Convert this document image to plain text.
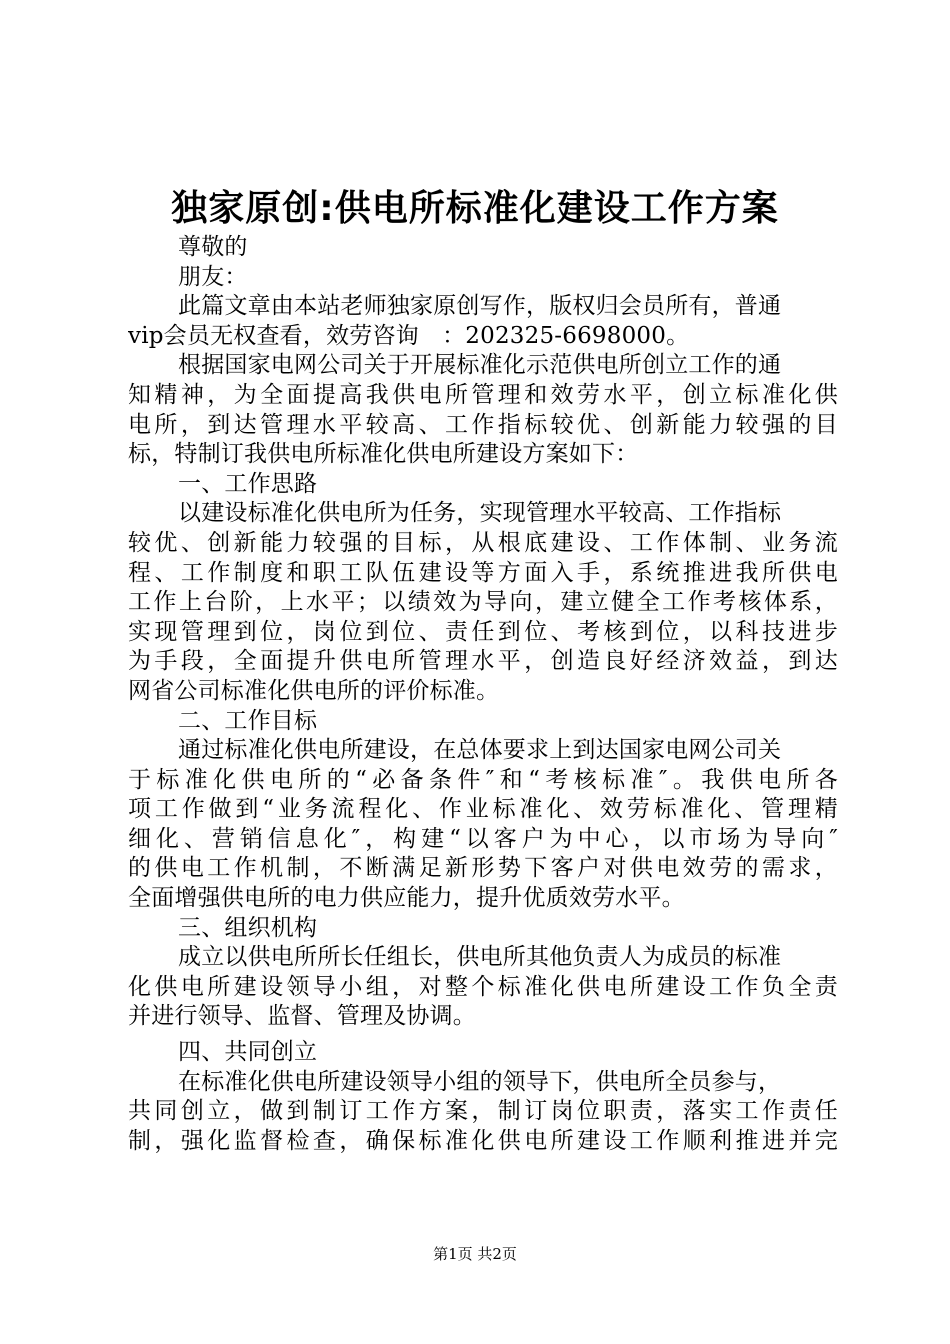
独家原创:供电所标准化建设工作方案
尊敬的
朋友：
此篇文章由本站老师独家原创写作，版权归会员所有，普通
vip会员无权查看，效劳咨询　：202325-6698000。
根据国家电网公司关于开展标准化示范供电所创立工作的通
知精神，为全面提高我供电所管理和效劳水平，创立标准化供
电所，到达管理水平较高、工作指标较优、创新能力较强的目
标，特制订我供电所标准化供电所建设方案如下：
一、工作思路
以建设标准化供电所为任务，实现管理水平较高、工作指标
较优、创新能力较强的目标，从根底建设、工作体制、业务流
程、工作制度和职工队伍建设等方面入手，系统推进我所供电
工作上台阶，上水平；以绩效为导向，建立健全工作考核体系，
实现管理到位，岗位到位、责任到位、考核到位，以科技进步
为手段，全面提升供电所管理水平，创造良好经济效益，到达
网省公司标准化供电所的评价标准。
二、工作目标
通过标准化供电所建设，在总体要求上到达国家电网公司关
于标准化供电所的“必备条件″和“考核标准″。我供电所各
项工作做到“业务流程化、作业标准化、效劳标准化、管理精
细化、营销信息化″，构建“以客户为中心，以市场为导向″
的供电工作机制，不断满足新形势下客户对供电效劳的需求，
全面增强供电所的电力供应能力，提升优质效劳水平。
三、组织机构
成立以供电所所长任组长，供电所其他负责人为成员的标准
化供电所建设领导小组，对整个标准化供电所建设工作负全责
并进行领导、监督、管理及协调。
四、共同创立
在标准化供电所建设领导小组的领导下，供电所全员参与，
共同创立，做到制订工作方案，制订岗位职责，落实工作责任
制，强化监督检查，确保标准化供电所建设工作顺利推进并完
第1页 共2页
